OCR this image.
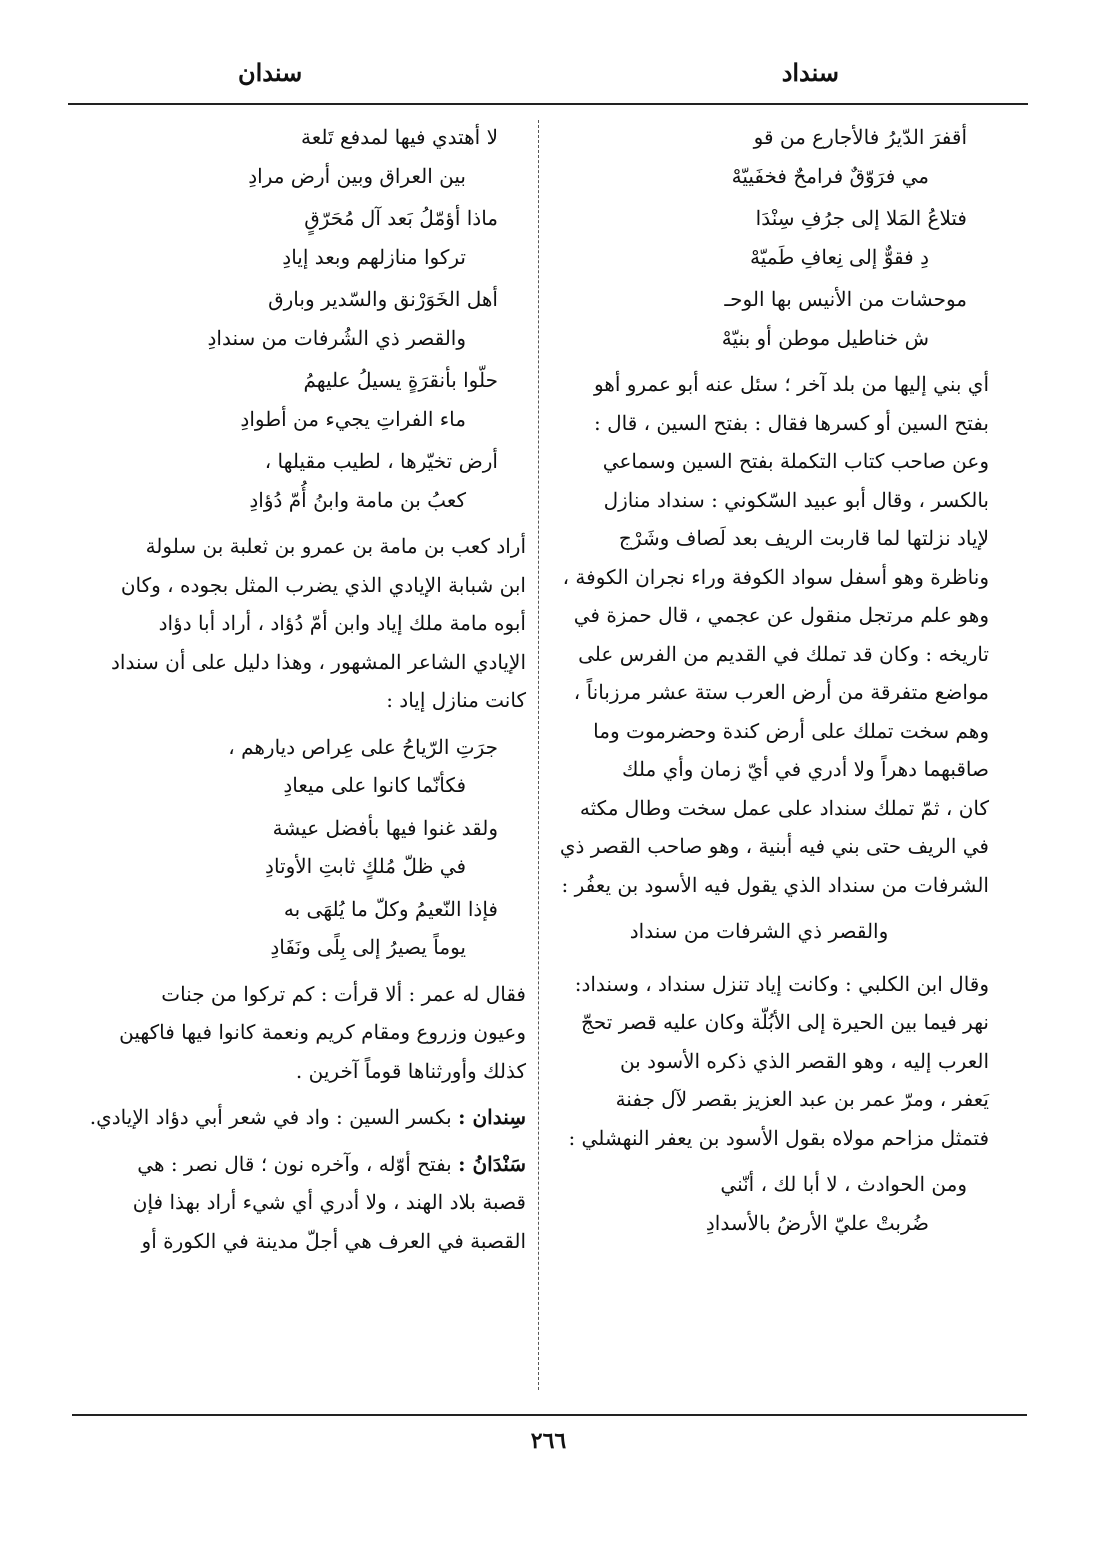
سنداد
سندان
أقفرَ الدّيرُ فالأجارع من قو
مي فرَوّقٌ فرامحٌ فخفَييّهْ
فتلاعُ المَلا إلى جرُفِ سِنْدَا
دِ فقوٌّ إلى نِعافِ طَميّهْ
موحشات من الأنيس بها الوحـ
ش خناطيل موطن أو بنيّهْ
أي بني إليها من بلد آخر ؛ سئل عنه أبو عمرو أهو
بفتح السين أو كسرها فقال : بفتح السين ، قال :
وعن صاحب كتاب التكملة بفتح السين وسماعي
بالكسر ، وقال أبو عبيد السّكوني : سنداد منازل
لإياد نزلتها لما قاربت الريف بعد لَصاف وشَرْج
وناظرة وهو أسفل سواد الكوفة وراء نجران الكوفة ،
وهو علم مرتجل منقول عن عجمي ، قال حمزة في
تاريخه : وكان قد تملك في القديم من الفرس على
مواضع متفرقة من أرض العرب ستة عشر مرزباناً ،
وهم سخت تملك على أرض كندة وحضرموت وما
صاقبهما دهراً ولا أدري في أيّ زمان وأي ملك
كان ، ثمّ تملك سنداد على عمل سخت وطال مكثه
في الريف حتى بني فيه أبنية ، وهو صاحب القصر ذي
الشرفات من سنداد الذي يقول فيه الأسود بن يعفُر :
والقصر ذي الشرفات من سنداد
وقال ابن الكلبي : وكانت إياد تنزل سنداد ، وسنداد:
نهر فيما بين الحيرة إلى الأبُلّة وكان عليه قصر تحجّ
العرب إليه ، وهو القصر الذي ذكره الأسود بن
يَعفر ، ومرّ عمر بن عبد العزيز بقصر لآل جفنة
فتمثل مزاحم مولاه بقول الأسود بن يعفر النهشلي :
ومن الحوادث ، لا أبا لك ، أنّني
ضُربتْ عليّ الأرضُ بالأسدادِ
لا أهتدي فيها لمدفع تَلعة
بين العراق وبين أرض مرادِ
ماذا أؤمّلُ بَعد آل مُحَرّقٍ
تركوا منازلهم وبعد إيادِ
أهل الخَوَرْنق والسّدير وبارق
والقصر ذي الشُرفات من سندادِ
حلّوا بأنقرَةٍ يسيلُ عليهمُ
ماء الفراتِ يجيء من أطوادِ
أرض تخيّرها ، لطيب مقيلها ،
كعبُ بن مامة وابنُ أُمّ دُؤادِ
أراد كعب بن مامة بن عمرو بن ثعلبة بن سلولة
ابن شبابة الإيادي الذي يضرب المثل بجوده ، وكان
أبوه مامة ملك إياد وابن أمّ دُؤاد ، أراد أبا دؤاد
الإيادي الشاعر المشهور ، وهذا دليل على أن سنداد
كانت منازل إياد :
جرَتِ الرّياحُ على عِراص ديارهم ،
فكأنّما كانوا على ميعادِ
ولقد غنوا فيها بأفضل عيشة
في ظلّ مُلكٍ ثابتِ الأوتادِ
فإذا النّعيمُ وكلّ ما يُلهَى به
يوماً يصيرُ إلى بِلًى ونَفَادِ
فقال له عمر : ألا قرأت : كم تركوا من جنات
وعيون وزروع ومقام كريم ونعمة كانوا فيها فاكهين
كذلك وأورثناها قوماً آخرين .
سِندان : بكسر السين : واد في شعر أبي دؤاد الإيادي.
سَنْدَانُ : بفتح أوّله ، وآخره نون ؛ قال نصر : هي
قصبة بلاد الهند ، ولا أدري أي شيء أراد بهذا فإن
القصبة في العرف هي أجلّ مدينة في الكورة أو
٢٦٦
